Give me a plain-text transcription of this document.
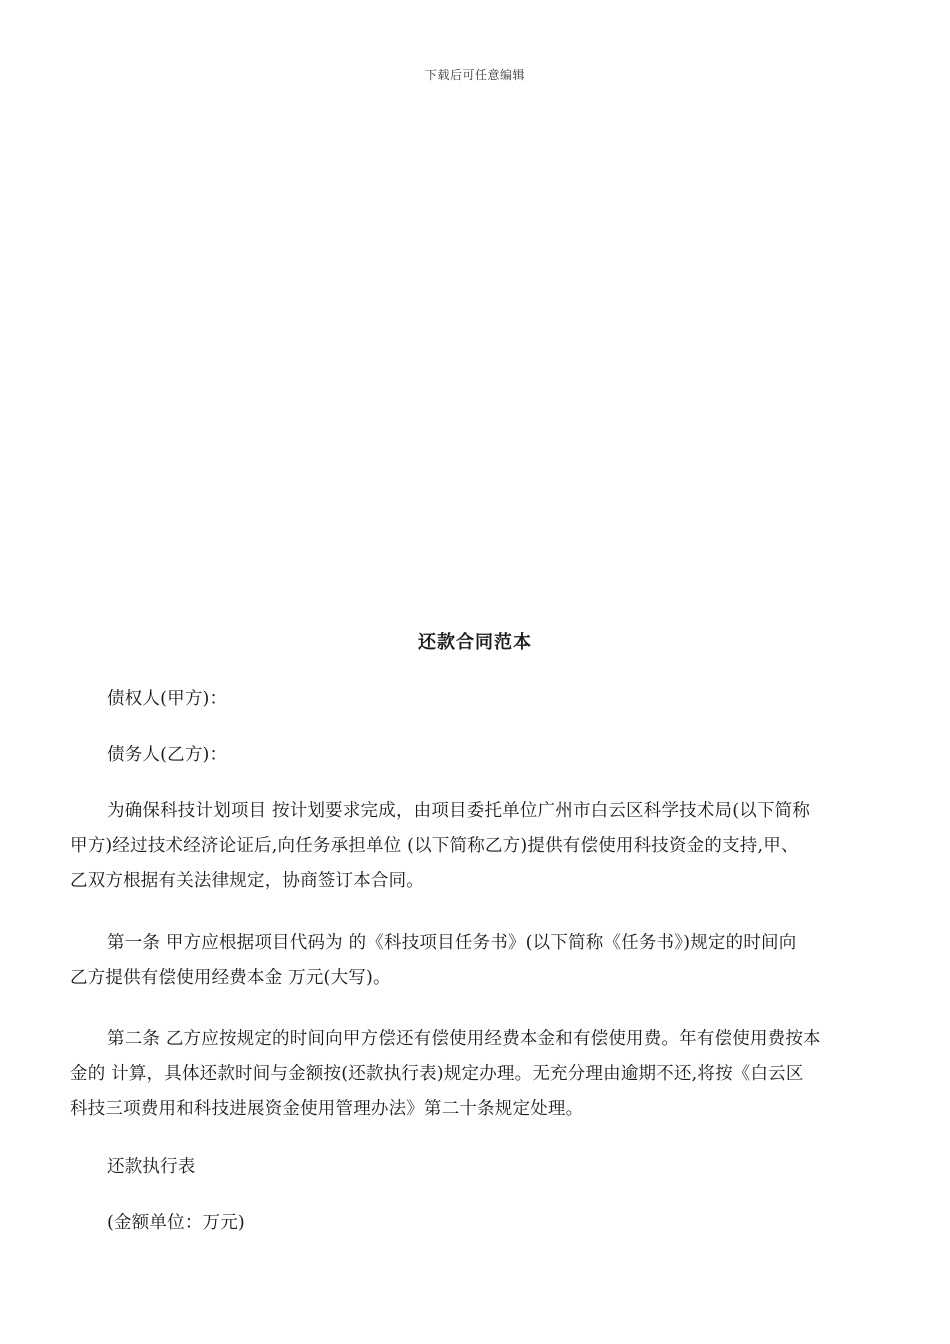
下载后可任意编辑
还款合同范本
债权人(甲方)：
债务人(乙方)：
为确保科技计划项目 按计划要求完成，由项目委托单位广州市白云区科学技术局(以下简称
甲方)经过技术经济论证后,向任务承担单位 (以下简称乙方)提供有偿使用科技资金的支持,甲、
乙双方根据有关法律规定，协商签订本合同。
第一条 甲方应根据项目代码为 的《科技项目任务书》(以下简称《任务书》)规定的时间向
乙方提供有偿使用经费本金 万元(大写)。
第二条 乙方应按规定的时间向甲方偿还有偿使用经费本金和有偿使用费。年有偿使用费按本
金的 计算，具体还款时间与金额按(还款执行表)规定办理。无充分理由逾期不还,将按《白云区
科技三项费用和科技进展资金使用管理办法》第二十条规定处理。
还款执行表
(金额单位：万元)
